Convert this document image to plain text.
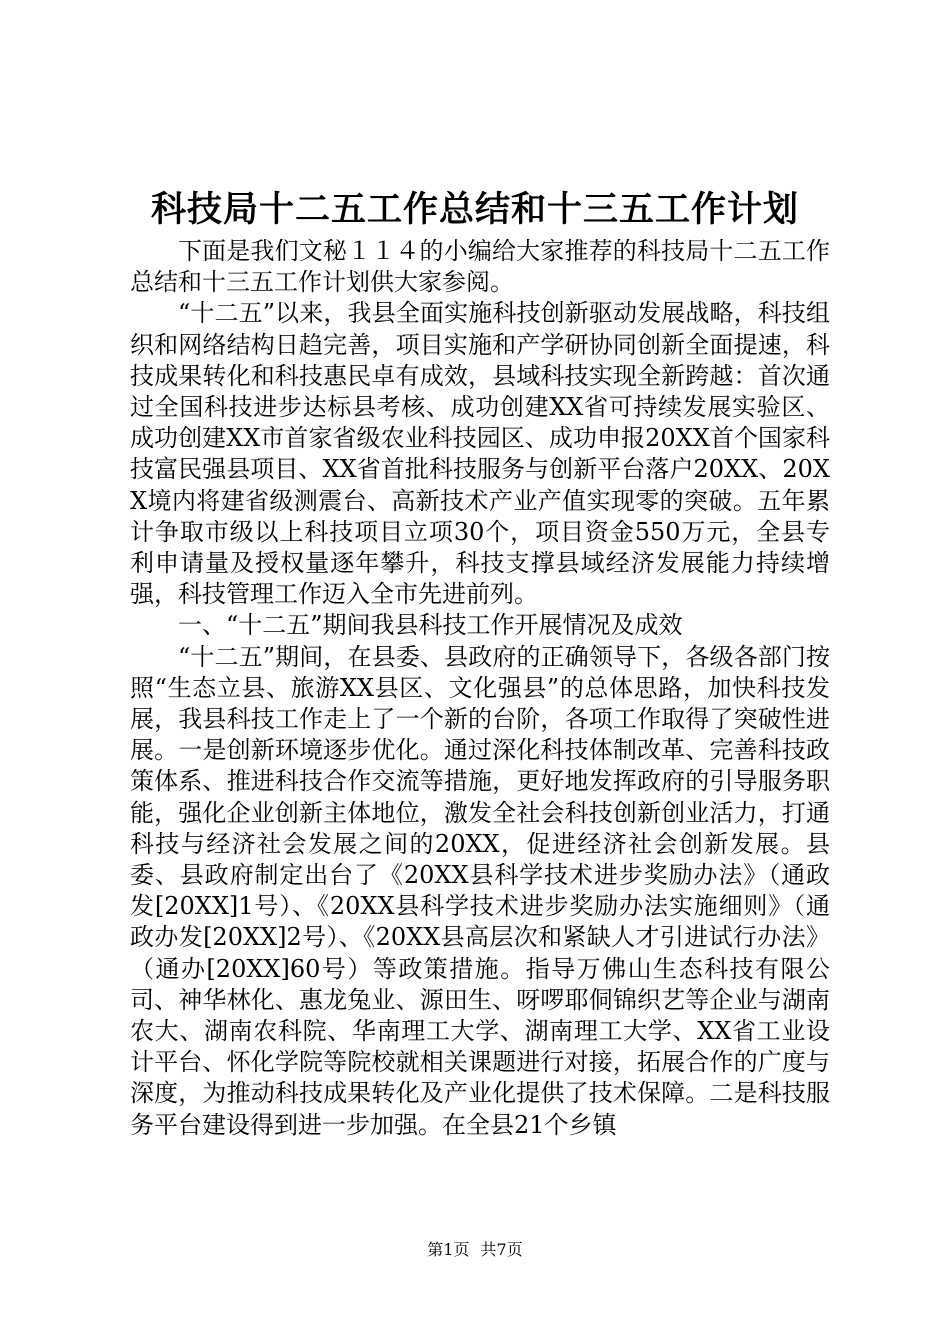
科技局十二五工作总结和十三五工作计划

下面是我们文秘１１４的小编给大家推荐的科技局十二五工作总结和十三五工作计划供大家参阅。

“十二五”以来，我县全面实施科技创新驱动发展战略，科技组织和网络结构日趋完善，项目实施和产学研协同创新全面提速，科技成果转化和科技惠民卓有成效，县域科技实现全新跨越：首次通过全国科技进步达标县考核、成功创建XX省可持续发展实验区、成功创建XX市首家省级农业科技园区、成功申报20XX首个国家科技富民强县项目、XX省首批科技服务与创新平台落户20XX、20XX境内将建省级测震台、高新技术产业产值实现零的突破。五年累计争取市级以上科技项目立项30个，项目资金550万元，全县专利申请量及授权量逐年攀升，科技支撑县域经济发展能力持续增强，科技管理工作迈入全市先进前列。

一、“十二五”期间我县科技工作开展情况及成效

“十二五”期间，在县委、县政府的正确领导下，各级各部门按照“生态立县、旅游XX县区、文化强县”的总体思路，加快科技发展，我县科技工作走上了一个新的台阶，各项工作取得了突破性进展。一是创新环境逐步优化。通过深化科技体制改革、完善科技政策体系、推进科技合作交流等措施，更好地发挥政府的引导服务职能，强化企业创新主体地位，激发全社会科技创新创业活力，打通科技与经济社会发展之间的20XX，促进经济社会创新发展。县委、县政府制定出台了《20XX县科学技术进步奖励办法》（通政发[20XX]1号）、《20XX县科学技术进步奖励办法实施细则》（通政办发[20XX]2号）、《20XX县高层次和紧缺人才引进试行办法》（通办[20XX]60号）等政策措施。指导万佛山生态科技有限公司、神华林化、惠龙兔业、源田生、呀啰耶侗锦织艺等企业与湖南农大、湖南农科院、华南理工大学、湖南理工大学、XX省工业设计平台、怀化学院等院校就相关课题进行对接，拓展合作的广度与深度，为推动科技成果转化及产业化提供了技术保障。二是科技服务平台建设得到进一步加强。在全县21个乡镇

第1页 共7页
